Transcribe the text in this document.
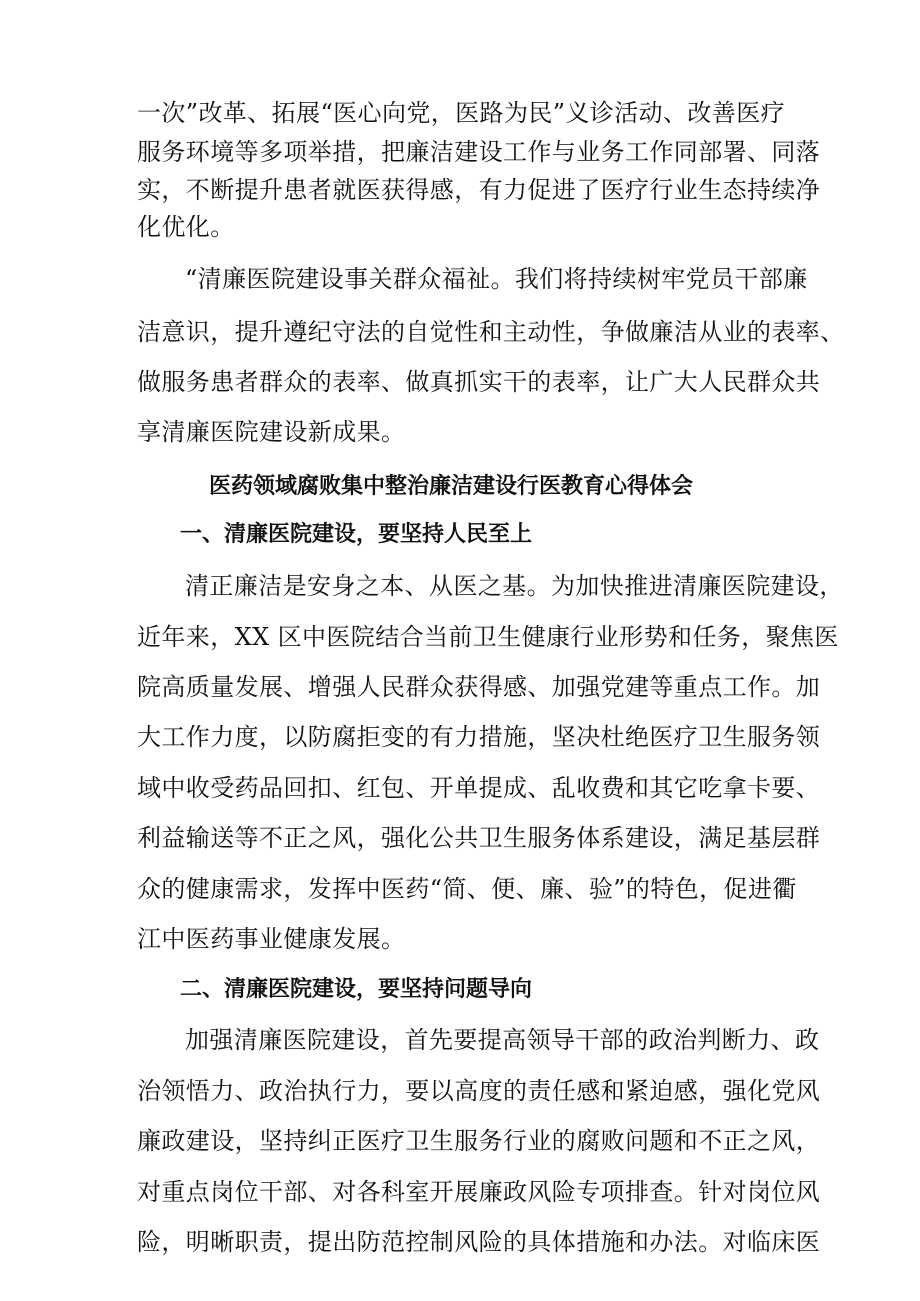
一次”改革、拓展“医心向党，医路为民”义诊活动、改善医疗
服务环境等多项举措，把廉洁建设工作与业务工作同部署、同落
实，不断提升患者就医获得感，有力促进了医疗行业生态持续净
化优化。
“清廉医院建设事关群众福祉。我们将持续树牢党员干部廉
洁意识，提升遵纪守法的自觉性和主动性，争做廉洁从业的表率、
做服务患者群众的表率、做真抓实干的表率，让广大人民群众共
享清廉医院建设新成果。
医药领域腐败集中整治廉洁建设行医教育心得体会
一、清廉医院建设，要坚持人民至上
清正廉洁是安身之本、从医之基。为加快推进清廉医院建设，
近年来，XX 区中医院结合当前卫生健康行业形势和任务，聚焦医
院高质量发展、增强人民群众获得感、加强党建等重点工作。加
大工作力度，以防腐拒变的有力措施，坚决杜绝医疗卫生服务领
域中收受药品回扣、红包、开单提成、乱收费和其它吃拿卡要、
利益输送等不正之风，强化公共卫生服务体系建设，满足基层群
众的健康需求，发挥中医药“简、便、廉、验”的特色，促进衢
江中医药事业健康发展。
二、清廉医院建设，要坚持问题导向
加强清廉医院建设，首先要提高领导干部的政治判断力、政
治领悟力、政治执行力，要以高度的责任感和紧迫感，强化党风
廉政建设，坚持纠正医疗卫生服务行业的腐败问题和不正之风，
对重点岗位干部、对各科室开展廉政风险专项排查。针对岗位风
险，明晰职责，提出防范控制风险的具体措施和办法。对临床医
